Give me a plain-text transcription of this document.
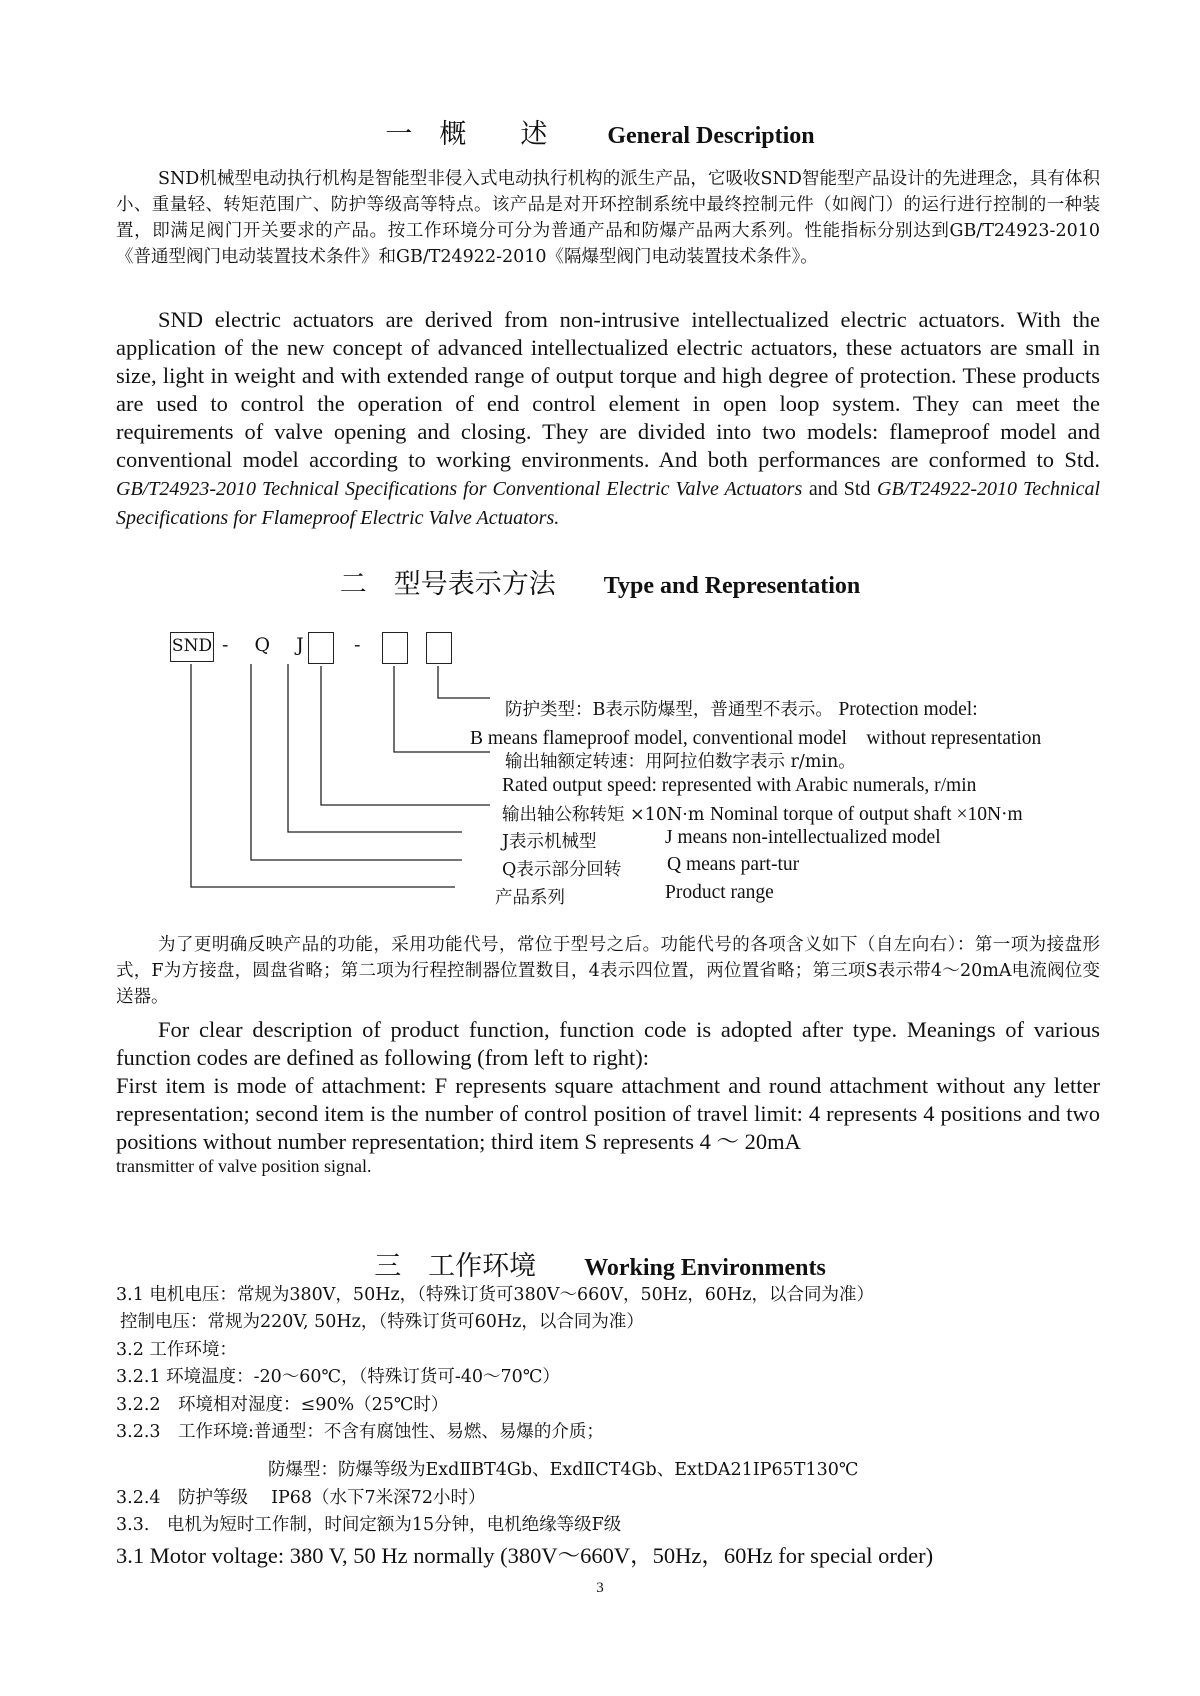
一　概　　述	General Description

SND机械型电动执行机构是智能型非侵入式电动执行机构的派生产品，它吸收SND智能型产品设计的先进理念，具有体积小、重量轻、转矩范围广、防护等级高等特点。该产品是对开环控制系统中最终控制元件（如阀门）的运行进行控制的一种装置，即满足阀门开关要求的产品。按工作环境分可分为普通产品和防爆产品两大系列。性能指标分别达到GB/T24923-2010《普通型阀门电动装置技术条件》和GB/T24922-2010《隔爆型阀门电动装置技术条件》。

SND electric actuators are derived from non-intrusive intellectualized electric actuators. With the application of the new concept of advanced intellectualized electric actuators, these actuators are small in size, light in weight and with extended range of output torque and high degree of protection. These products are used to control the operation of end control element in open loop system. They can meet the requirements of valve opening and closing. They are divided into two models: flameproof model and conventional model according to working environments. And both performances are conformed to Std. GB/T24923-2010 Technical Specifications for Conventional Electric Valve Actuators and Std GB/T24922-2010 Technical Specifications for Flameproof Electric Valve Actuators.

二　型号表示方法 Type and Representation
SND - Q J -
防护类型：B表示防爆型，普通型不表示。 Protection model:
B means flameproof model, conventional model　without representation
输出轴额定转速：用阿拉伯数字表示 r/min。
Rated output speed: represented with Arabic numerals, r/min
输出轴公称转矩 ×10N·m Nominal torque of output shaft ×10N·m
J表示机械型	J means non-intellectualized model
Q表示部分回转 Q means part-tur
产品系列	Product range

为了更明确反映产品的功能，采用功能代号，常位于型号之后。功能代号的各项含义如下（自左向右）：第一项为接盘形式，F为方接盘，圆盘省略；第二项为行程控制器位置数目，4表示四位置，两位置省略；第三项S表示带4～20mA电流阀位变送器。

For clear description of product function, function code is adopted after type. Meanings of various function codes are defined as following (from left to right):

First item is mode of attachment: F represents square attachment and round attachment without any letter representation; second item is the number of control position of travel limit: 4 represents 4 positions and two positions without number representation; third item S represents 4 ～ 20mA

transmitter of valve position signal.
三　工作环境 Working Environments
3.1 电机电压：常规为380V，50Hz，（特殊订货可380V～660V，50Hz，60Hz，以合同为准）
控制电压：常规为220V, 50Hz，（特殊订货可60Hz，以合同为准）
3.2 工作环境：
3.2.1 环境温度：-20～60℃，（特殊订货可-40～70℃）
3.2.2　环境相对湿度：≤90%（25℃时）
3.2.3　工作环境:普通型：不含有腐蚀性、易燃、易爆的介质；
防爆型：防爆等级为ExdⅡBT4Gb、ExdⅡCT4Gb、ExtDA21IP65T130℃
3.2.4　防护等级　 IP68（水下7米深72小时）
3.3.　电机为短时工作制，时间定额为15分钟，电机绝缘等级F级
3.1 Motor voltage: 380 V, 50 Hz normally (380V～660V，50Hz，60Hz for special order)
3
